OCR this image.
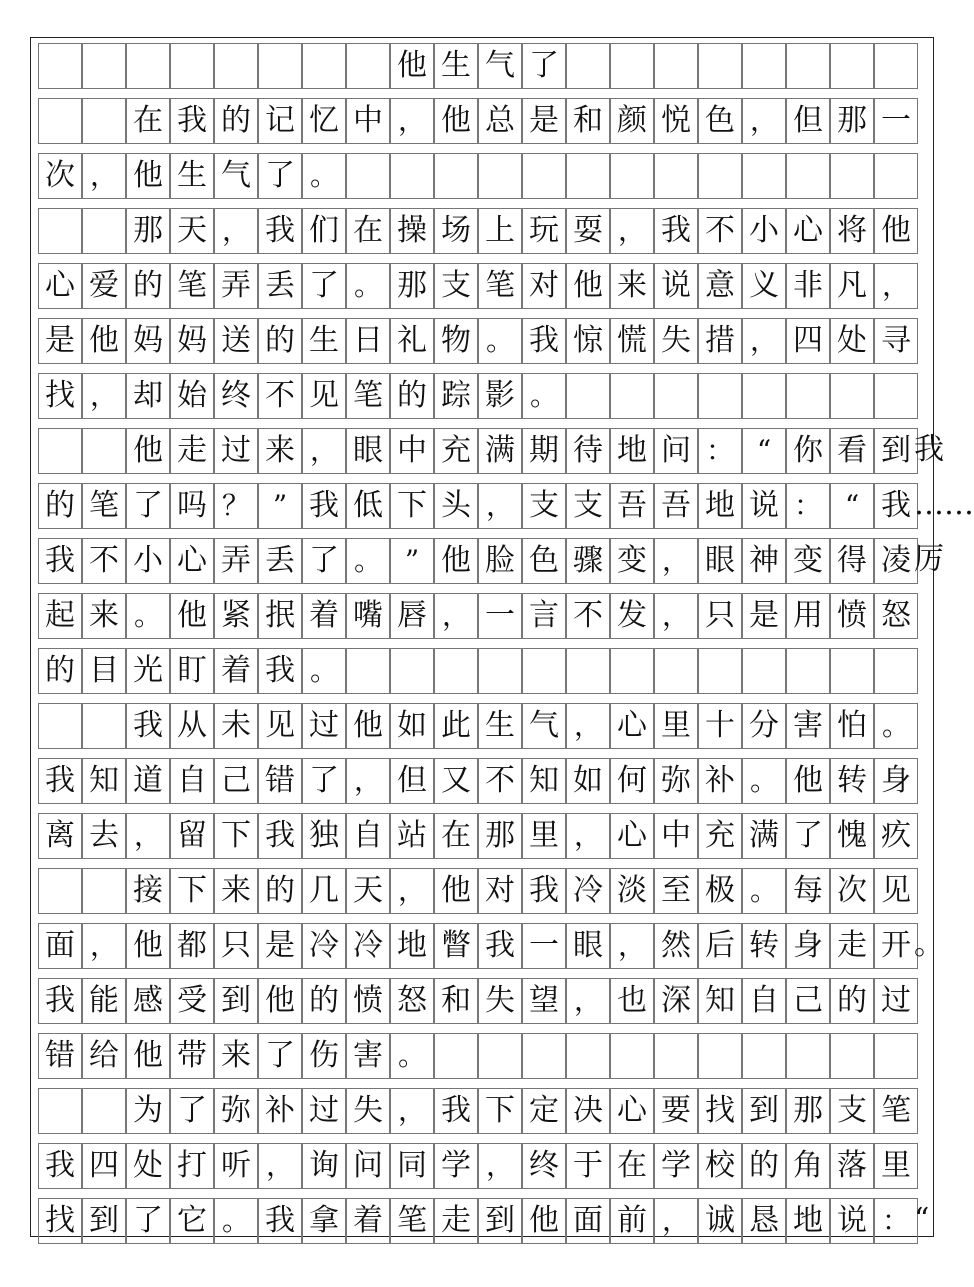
他 生 气 了
在 我 的 记 忆 中 ， 他 总 是 和 颜 悦 色 ， 但 那 一
次 ， 他 生 气 了 。
那 天 ， 我 们 在 操 场 上 玩 耍 ， 我 不 小 心 将 他
心 爱 的 笔 弄 丢 了 。 那 支 笔 对 他 来 说 意 义 非 凡 ，
是 他 妈 妈 送 的 生 日 礼 物 。 我 惊 慌 失 措 ， 四 处 寻
找 ， 却 始 终 不 见 笔 的 踪 影 。
他 走 过 来 ， 眼 中 充 满 期 待 地 问 ： “ 你 看 到 我
的 笔 了 吗 ？ ” 我 低 下 头 ， 支 支 吾 吾 地 说 ： “ 我 ……
我 不 小 心 弄 丢 了 。 ” 他 脸 色 骤 变 ， 眼 神 变 得 凌 厉
起 来 。 他 紧 抿 着 嘴 唇 ， 一 言 不 发 ， 只 是 用 愤 怒
的 目 光 盯 着 我 。
我 从 未 见 过 他 如 此 生 气 ， 心 里 十 分 害 怕 。
我 知 道 自 己 错 了 ， 但 又 不 知 如 何 弥 补 。 他 转 身
离 去 ， 留 下 我 独 自 站 在 那 里 ， 心 中 充 满 了 愧 疚
接 下 来 的 几 天 ， 他 对 我 冷 淡 至 极 。 每 次 见
面 ， 他 都 只 是 冷 冷 地 瞥 我 一 眼 ， 然 后 转 身 走 开 。
我 能 感 受 到 他 的 愤 怒 和 失 望 ， 也 深 知 自 己 的 过
错 给 他 带 来 了 伤 害 。
为 了 弥 补 过 失 ， 我 下 定 决 心 要 找 到 那 支 笔
我 四 处 打 听 ， 询 问 同 学 ， 终 于 在 学 校 的 角 落 里
找 到 了 它 。 我 拿 着 笔 走 到 他 面 前 ， 诚 恳 地 说 ： “
